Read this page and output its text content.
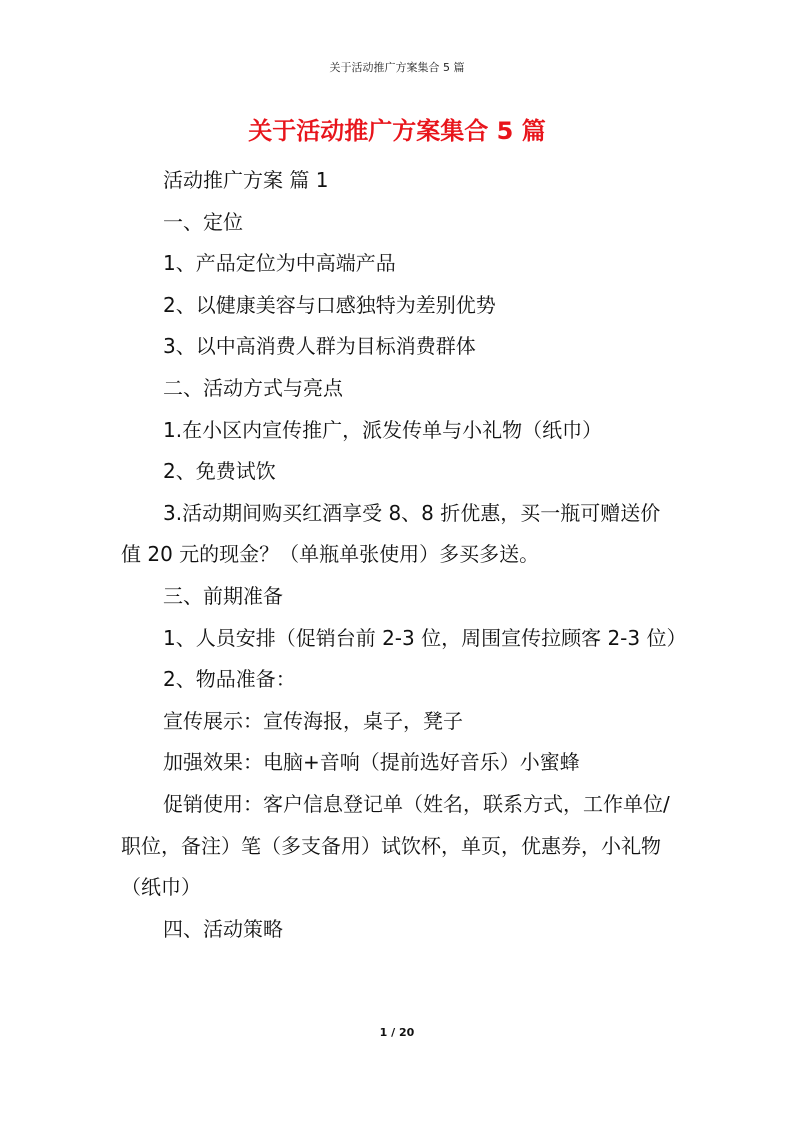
关于活动推广方案集合 5 篇
关于活动推广方案集合 5 篇

活动推广方案 篇 1

一、定位

1、产品定位为中高端产品

2、以健康美容与口感独特为差别优势

3、以中高消费人群为目标消费群体

二、活动方式与亮点

1.在小区内宣传推广，派发传单与小礼物（纸巾）

2、免费试饮

3.活动期间购买红酒享受 8、8 折优惠，买一瓶可赠送价值 20 元的现金？（单瓶单张使用）多买多送。

三、前期准备

1、人员安排（促销台前 2-3 位，周围宣传拉顾客 2-3 位）

2、物品准备：

宣传展示：宣传海报，桌子，凳子

加强效果：电脑+音响（提前选好音乐）小蜜蜂

促销使用：客户信息登记单（姓名，联系方式，工作单位/职位，备注）笔（多支备用）试饮杯，单页，优惠券，小礼物（纸巾）

四、活动策略

1 / 20
